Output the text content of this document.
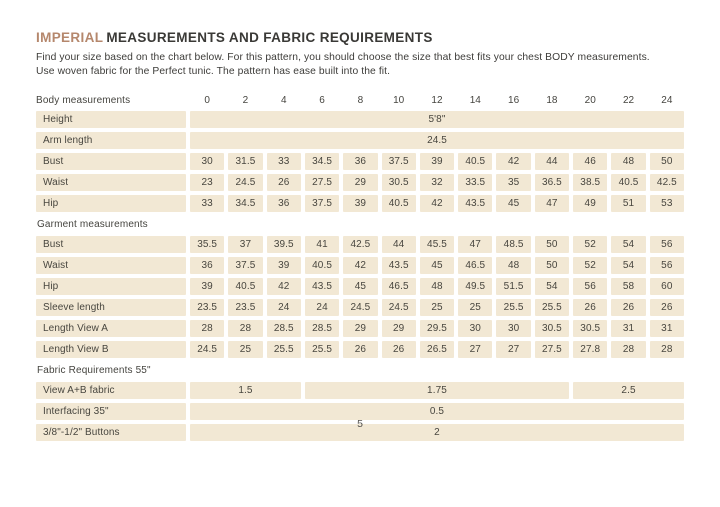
IMPERIAL MEASUREMENTS AND FABRIC REQUIREMENTS

Find your size based on the chart below. For this pattern, you should choose the size that best fits your chest BODY measurements.
Use woven fabric for the Perfect tunic. The pattern has ease built into the fit.

Body measurements	0	2	4	6	8	10	12	14	16	18	20	22	24
Height	5'8"
Arm length	24.5
Bust	30	31.5	33	34.5	36	37.5	39	40.5	42	44	46	48	50
Waist	23	24.5	26	27.5	29	30.5	32	33.5	35	36.5	38.5	40.5	42.5
Hip	33	34.5	36	37.5	39	40.5	42	43.5	45	47	49	51	53
Garment measurements
Bust	35.5	37	39.5	41	42.5	44	45.5	47	48.5	50	52	54	56
Waist	36	37.5	39	40.5	42	43.5	45	46.5	48	50	52	54	56
Hip	39	40.5	42	43.5	45	46.5	48	49.5	51.5	54	56	58	60
Sleeve length	23.5	23.5	24	24	24.5	24.5	25	25	25.5	25.5	26	26	26
Length View A	28	28	28.5	28.5	29	29	29.5	30	30	30.5	30.5	31	31
Length View B	24.5	25	25.5	25.5	26	26	26.5	27	27	27.5	27.8	28	28
Fabric Requirements 55"
View A+B fabric	1.5	1.75	2.5
Interfacing 35"	0.5
3/8"-1/2" Buttons	2
5
